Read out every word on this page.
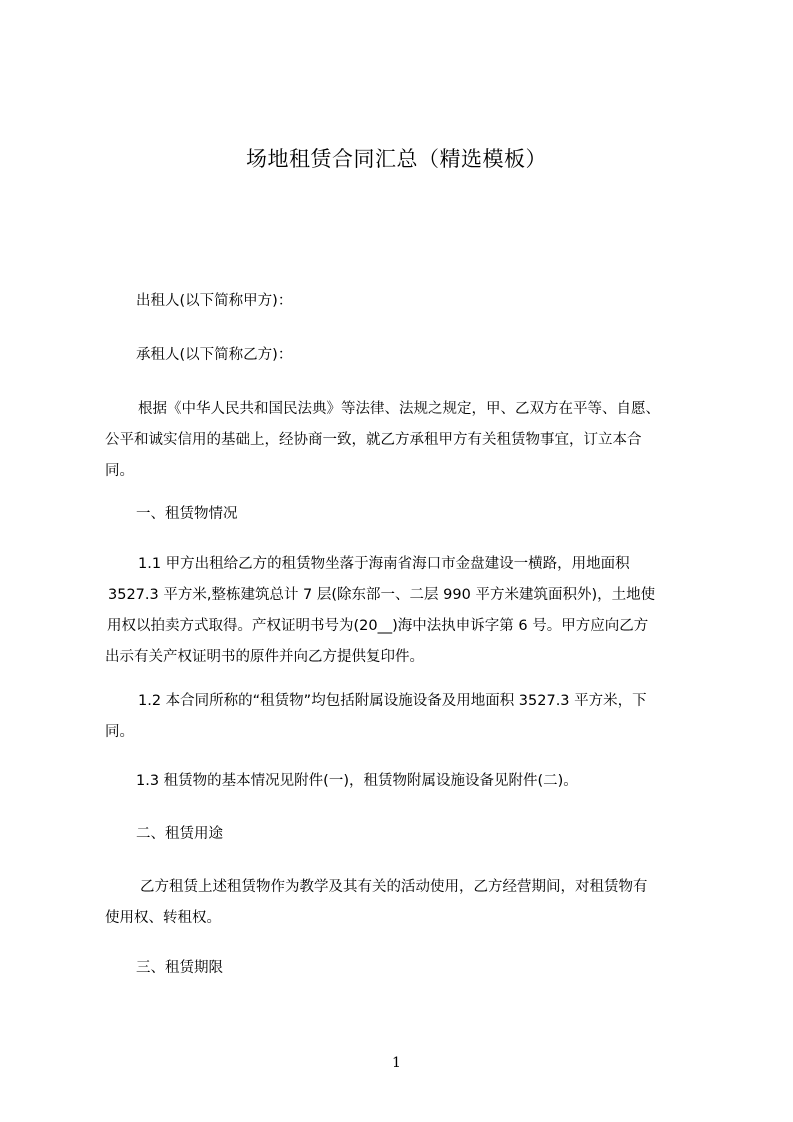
场地租赁合同汇总（精选模板）
出租人(以下简称甲方)：
承租人(以下简称乙方)：
根据《中华人民共和国民法典》等法律、法规之规定，甲、乙双方在平等、自愿、
公平和诚实信用的基础上，经协商一致，就乙方承租甲方有关租赁物事宜，订立本合
同。
一、租赁物情况
1.1 甲方出租给乙方的租赁物坐落于海南省海口市金盘建设一横路，用地面积
3527.3 平方米,整栋建筑总计 7 层(除东部一、二层 990 平方米建筑面积外)，土地使
用权以拍卖方式取得。产权证明书号为(20__)海中法执申诉字第 6 号。甲方应向乙方
出示有关产权证明书的原件并向乙方提供复印件。
1.2 本合同所称的“租赁物”均包括附属设施设备及用地面积 3527.3 平方米，下
同。
1.3 租赁物的基本情况见附件(一)，租赁物附属设施设备见附件(二)。
二、租赁用途
乙方租赁上述租赁物作为教学及其有关的活动使用，乙方经营期间，对租赁物有
使用权、转租权。
三、租赁期限
1
